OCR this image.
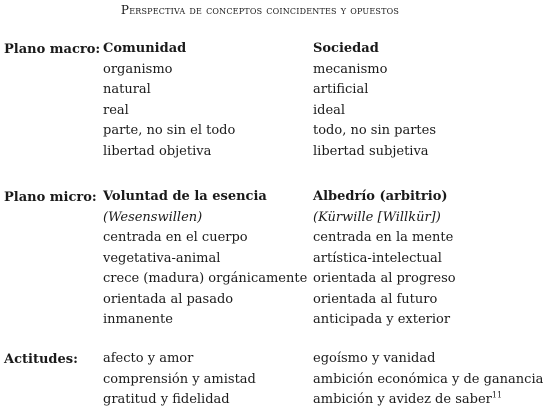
Perspectiva de conceptos coincidentes y opuestos
Plano macro: Comunidad
organismo
natural
real
parte, no sin el todo
libertad objetiva
Sociedad
mecanismo
artificial
ideal
todo, no sin partes
libertad subjetiva
Plano micro: Voluntad de la esencia
(Wesenswillen)
centrada en el cuerpo
vegetativa-animal
crece (madura) orgánicamente
orientada al pasado
inmanente
Albedrío (arbitrio)
(Kürwille [Willkür])
centrada en la mente
artística-intelectual
orientada al progreso
orientada al futuro
anticipada y exterior
Actitudes: afecto y amor
comprensión y amistad
gratitud y fidelidad
egoísmo y vanidad
ambición económica y de ganancia
ambición y avidez de saber$^{11}$
